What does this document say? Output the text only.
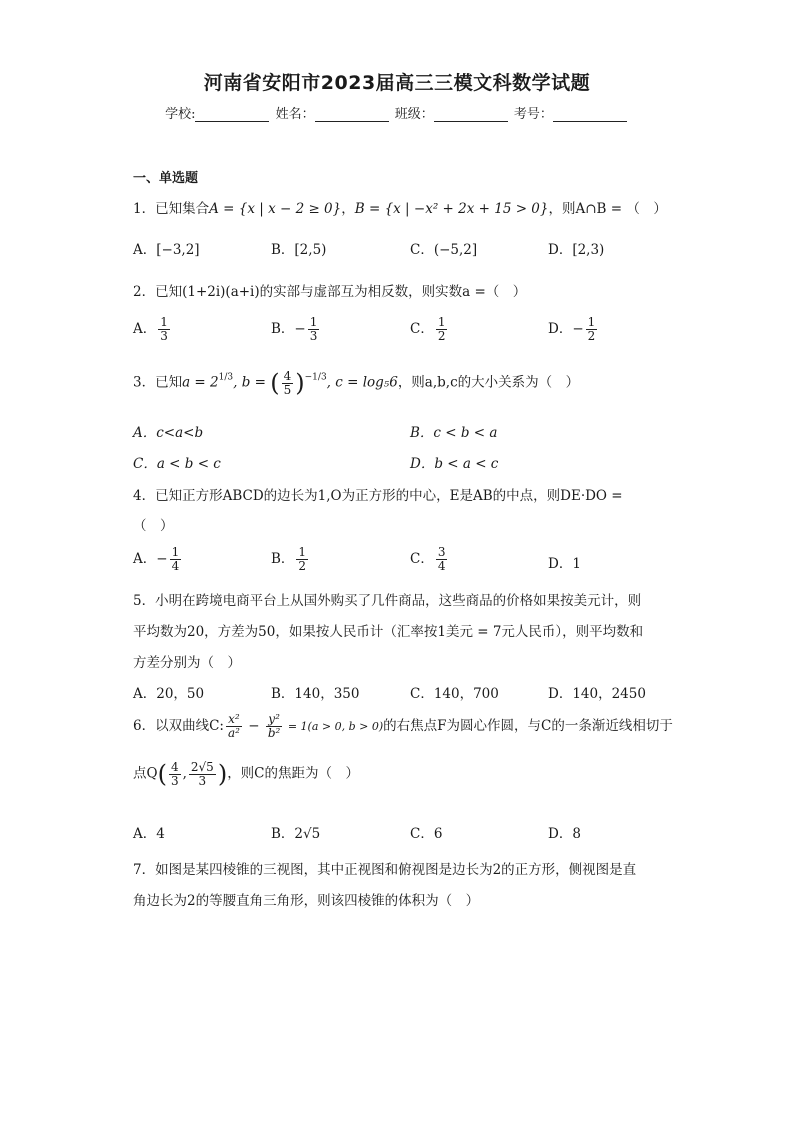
河南省安阳市2023届高三三模文科数学试题
学校:	姓名：	班级：	考号：
一、单选题
1．已知集合A = {x | x − 2 ≥ 0}，B = {x | −x² + 2x + 15 > 0}，则A∩B = （　）
A．[−3,2]	B．[2,5)	C．(−5,2]	D．[2,3)
2．已知(1+2i)(a+i)的实部与虚部互为相反数，则实数a =（　）
A． $\frac{1}{3}$	B．− $\frac{1}{3}$	C． $\frac{1}{2}$	D．− $\frac{1}{2}$
3．已知$a = 2^{1/3}$, b = ( $\frac{4}{5} )^{-1/3}$, c = log₅6，则a,b,c的大小关系为（　）
A．c<a<b	B．c < b < a
C．a < b < c	D．b < a < c
4．已知正方形ABCD的边长为1,O为正方形的中心，E是AB的中点，则DE·DO =
（　）
A．− $\frac{1}{4}$	B． $\frac{1}{2}$	C． $\frac{3}{4}$	D．1
5．小明在跨境电商平台上从国外购买了几件商品，这些商品的价格如果按美元计，则
平均数为20，方差为50，如果按人民币计（汇率按1美元 = 7元人民币），则平均数和
方差分别为（　）
A．20，50	B．140，350	C．140，700	D．140，2450
6．以双曲线C: $\frac{\text{x²}}{\text{a²}} - \frac{\text{y²}}{\text{b²}} = 1(a > 0$, b > 0)的右焦点F为圆心作圆，与C的一条渐近线相切于
点$Q( \frac{4}{3}$ , $\frac{2√5}{3}$ )，则C的焦距为（　）
A．4	B．2√5	C．6	D．8
7．如图是某四棱锥的三视图，其中正视图和俯视图是边长为2的正方形，侧视图是直
角边长为2的等腰直角三角形，则该四棱锥的体积为（　）
